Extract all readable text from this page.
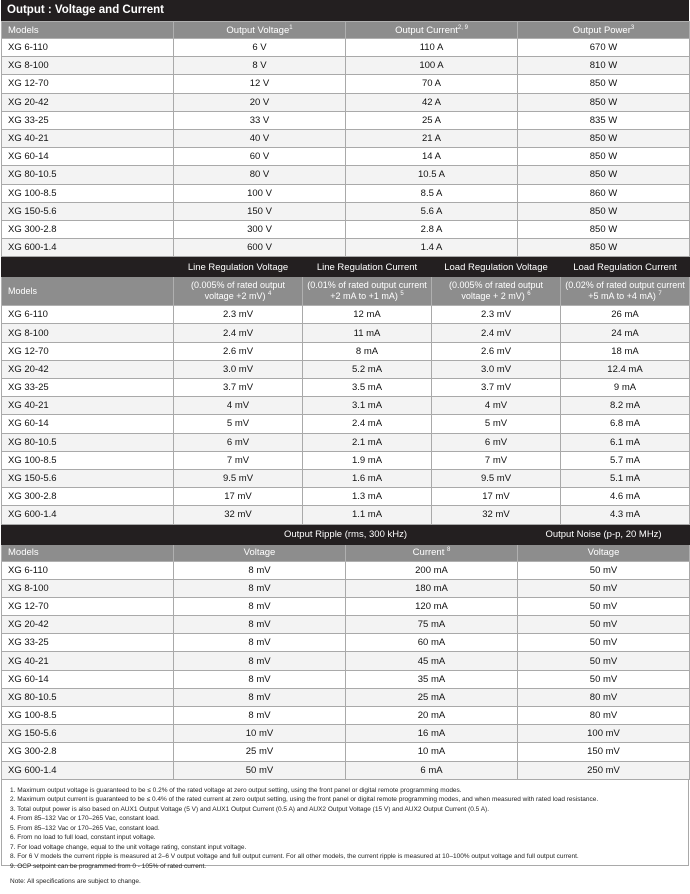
Output : Voltage and Current
Models	Output Voltage$^1$	Output Current$^{2, 9}$	Output Power$^3$
XG 6-110	6 V	110 A	670 W
XG 8-100	8 V	100 A	810 W
XG 12-70	12 V	70 A	850 W
XG 20-42	20 V	42 A	850 W
XG 33-25	33 V	25 A	835 W
XG 40-21	40 V	21 A	850 W
XG 60-14	60 V	14 A	850 W
XG 80-10.5	80 V	10.5 A	850 W
XG 100-8.5	100 V	8.5 A	860 W
XG 150-5.6	150 V	5.6 A	850 W
XG 300-2.8	300 V	2.8 A	850 W
XG 600-1.4	600 V	1.4 A	850 W
	Line Regulation Voltage	Line Regulation Current	Load Regulation Voltage	Load Regulation Current
Models	(0.005% of rated output voltage +2 mV) $^4$	(0.01% of rated output current +2 mA to +1 mA) $^5$	(0.005% of rated output voltage + 2 mV) $^6$	(0.02% of rated output current +5 mA to +4 mA) $^7$
XG 6-110	2.3 mV	12 mA	2.3 mV	26 mA
XG 8-100	2.4 mV	11 mA	2.4 mV	24 mA
XG 12-70	2.6 mV	8 mA	2.6 mV	18 mA
XG 20-42	3.0 mV	5.2 mA	3.0 mV	12.4 mA
XG 33-25	3.7 mV	3.5 mA	3.7 mV	9 mA
XG 40-21	4 mV	3.1 mA	4 mV	8.2 mA
XG 60-14	5 mV	2.4 mA	5 mV	6.8 mA
XG 80-10.5	6 mV	2.1 mA	6 mV	6.1 mA
XG 100-8.5	7 mV	1.9 mA	7 mV	5.7 mA
XG 150-5.6	9.5 mV	1.6 mA	9.5 mV	5.1 mA
XG 300-2.8	17 mV	1.3 mA	17 mV	4.6 mA
XG 600-1.4	32 mV	1.1 mA	32 mV	4.3 mA
	Output Ripple (rms, 300 kHz)		Output Noise (p-p, 20 MHz)
Models	Voltage	Current $^8$	Voltage
XG 6-110	8 mV	200 mA	50 mV
XG 8-100	8 mV	180 mA	50 mV
XG 12-70	8 mV	120 mA	50 mV
XG 20-42	8 mV	75 mA	50 mV
XG 33-25	8 mV	60 mA	50 mV
XG 40-21	8 mV	45 mA	50 mV
XG 60-14	8 mV	35 mA	50 mV
XG 80-10.5	8 mV	25 mA	80 mV
XG 100-8.5	8 mV	20 mA	80 mV
XG 150-5.6	10 mV	16 mA	100 mV
XG 300-2.8	25 mV	10 mA	150 mV
XG 600-1.4	50 mV	6 mA	250 mV
1. Maximum output voltage is guaranteed to be ≤ 0.2% of the rated voltage at zero output setting, using the front panel or digital remote programming modes.
2. Maximum output current is guaranteed to be ≤ 0.4% of the rated current at zero output setting, using the front panel or digital remote programming modes, and when measured with rated load resistance.
3. Total output power is also based on AUX1 Output Voltage (5 V) and AUX1 Output Current (0.5 A) and AUX2 Output Voltage (15 V) and AUX2 Output Current (0.5 A).
4. From 85–132 Vac or 170–265 Vac, constant load.
5. From 85–132 Vac or 170–265 Vac, constant load.
6. From no load to full load, constant input voltage.
7. For load voltage change, equal to the unit voltage rating, constant input voltage.
8. For 6 V models the current ripple is measured at 2–6 V output voltage and full output current. For all other models, the current ripple is measured at 10–100% output voltage and full output current.
9. OCP setpoint can be programmed from 0 - 105% of rated current.
Note: All specifications are subject to change.
